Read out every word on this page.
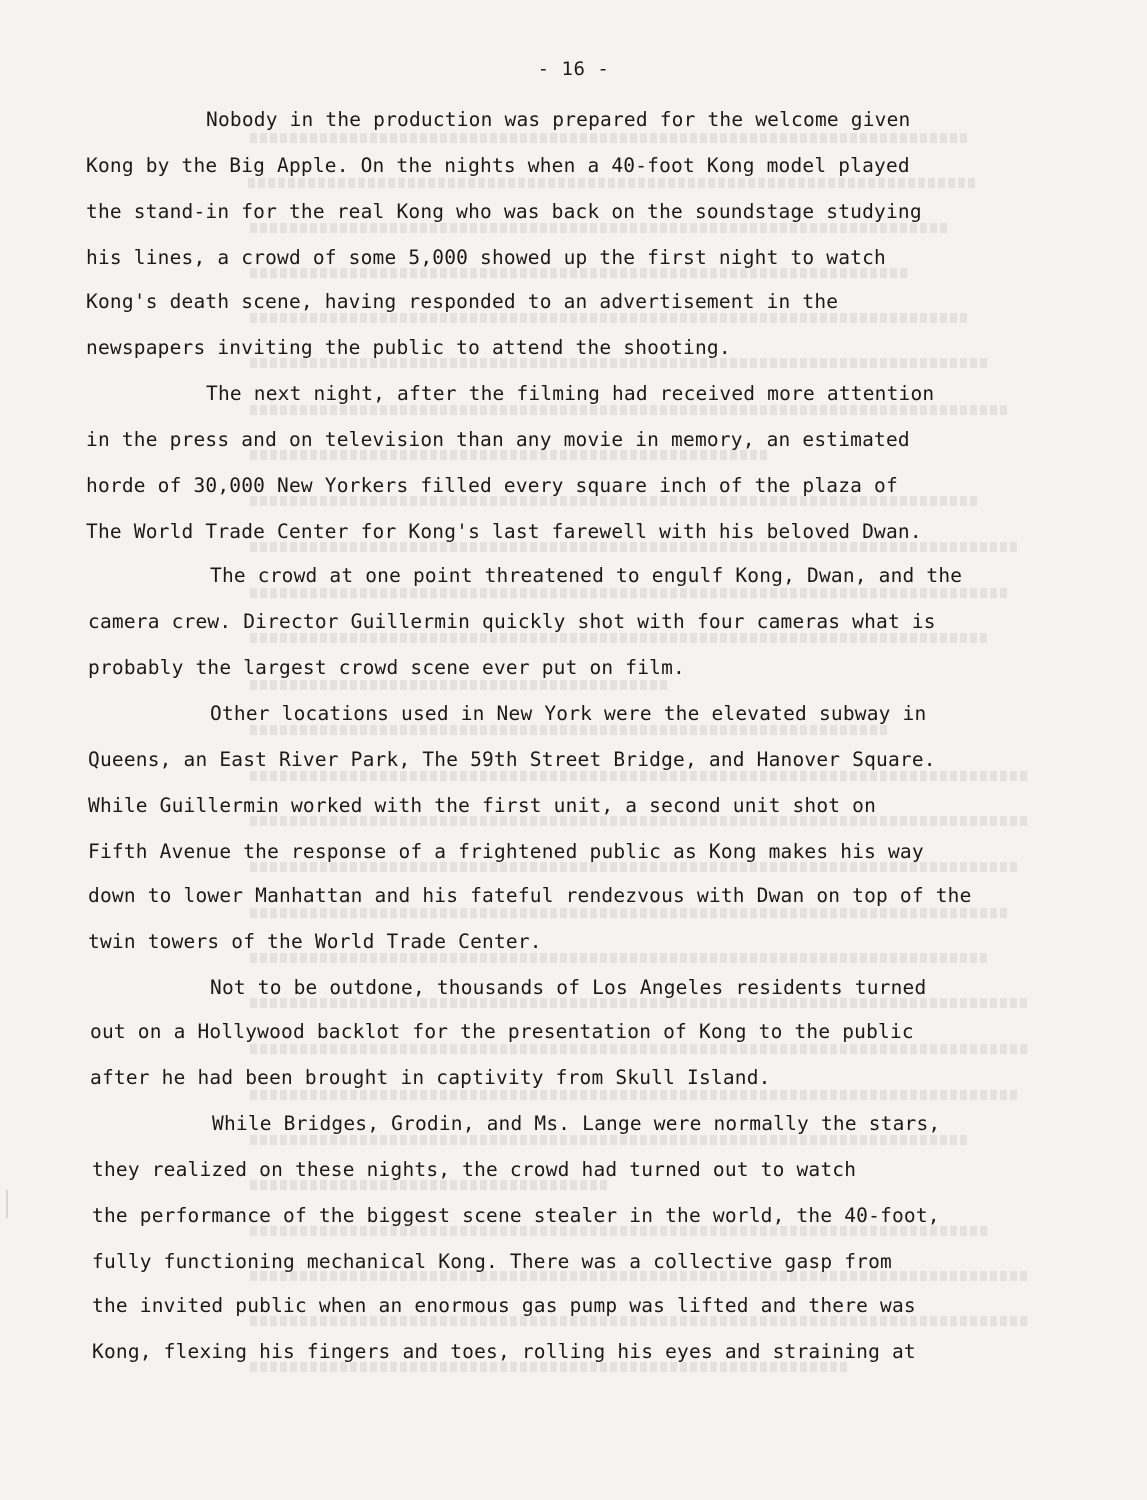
- 16 -
Nobody in the production was prepared for the welcome given
Kong by the Big Apple. On the nights when a 40-foot Kong model played
the stand-in for the real Kong who was back on the soundstage studying
his lines, a crowd of some 5,000 showed up the first night to watch
Kong's death scene, having responded to an advertisement in the
newspapers inviting the public to attend the shooting.
The next night, after the filming had received more attention
in the press and on television than any movie in memory, an estimated
horde of 30,000 New Yorkers filled every square inch of the plaza of
The World Trade Center for Kong's last farewell with his beloved Dwan.
The crowd at one point threatened to engulf Kong, Dwan, and the
camera crew. Director Guillermin quickly shot with four cameras what is
probably the largest crowd scene ever put on film.
Other locations used in New York were the elevated subway in
Queens, an East River Park, The 59th Street Bridge, and Hanover Square.
While Guillermin worked with the first unit, a second unit shot on
Fifth Avenue the response of a frightened public as Kong makes his way
down to lower Manhattan and his fateful rendezvous with Dwan on top of the
twin towers of the World Trade Center.
Not to be outdone, thousands of Los Angeles residents turned
out on a Hollywood backlot for the presentation of Kong to the public
after he had been brought in captivity from Skull Island.
While Bridges, Grodin, and Ms. Lange were normally the stars,
they realized on these nights, the crowd had turned out to watch
the performance of the biggest scene stealer in the world, the 40-foot,
fully functioning mechanical Kong. There was a collective gasp from
the invited public when an enormous gas pump was lifted and there was
Kong, flexing his fingers and toes, rolling his eyes and straining at
